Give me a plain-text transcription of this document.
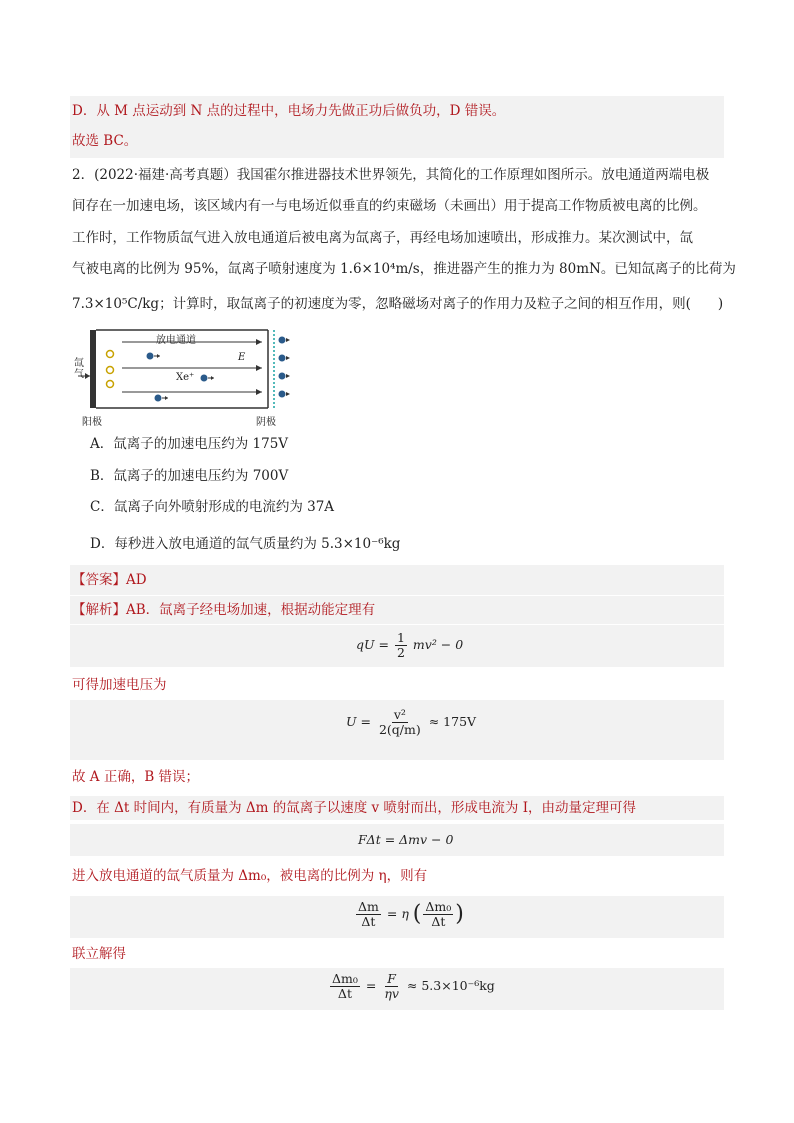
D．从 M 点运动到 N 点的过程中，电场力先做正功后做负功，D 错误。
故选 BC。
2．(2022·福建·高考真题）我国霍尔推进器技术世界领先，其简化的工作原理如图所示。放电通道两端电极
间存在一加速电场，该区域内有一与电场近似垂直的约束磁场（未画出）用于提高工作物质被电离的比例。
工作时，工作物质氙气进入放电通道后被电离为氙离子，再经电场加速喷出，形成推力。某次测试中，氙
气被电离的比例为 95%，氙离子喷射速度为 1.6×10⁴m/s，推进器产生的推力为 80mN。已知氙离子的比荷为
7.3×10⁵C/kg；计算时，取氙离子的初速度为零，忽略磁场对离子的作用力及粒子之间的相互作用，则(　　)
放电通道
E
Xe⁺
氙气
阳极	阴极
A．氙离子的加速电压约为 175V
B．氙离子的加速电压约为 700V
C．氙离子向外喷射形成的电流约为 37A
D．每秒进入放电通道的氙气质量约为 5.3×10⁻⁶kg
【答案】AD
【解析】AB．氙离子经电场加速，根据动能定理有
qU = $\frac{1}{2} mv^2 - 0$
可得加速电压为
$U = \frac{\text{v²}}{2(q/m)} \approx 175V$
故 A 正确，B 错误；
D．在 Δt 时间内，有质量为 Δm 的氙离子以速度 v 喷射而出，形成电流为 I，由动量定理可得
FΔt = Δmv − 0
进入放电通道的氙气质量为 Δm₀，被电离的比例为 η，则有
$\frac{\Delta m}{\Delta t} = \eta$ ( $\frac{\text{Δm₀}}{\Delta t}$ )
联立解得
$\frac{\text{Δm₀}}{\Delta t} = \frac{F}{\eta v} \approx 5.3\times 10^{-6}kg$
